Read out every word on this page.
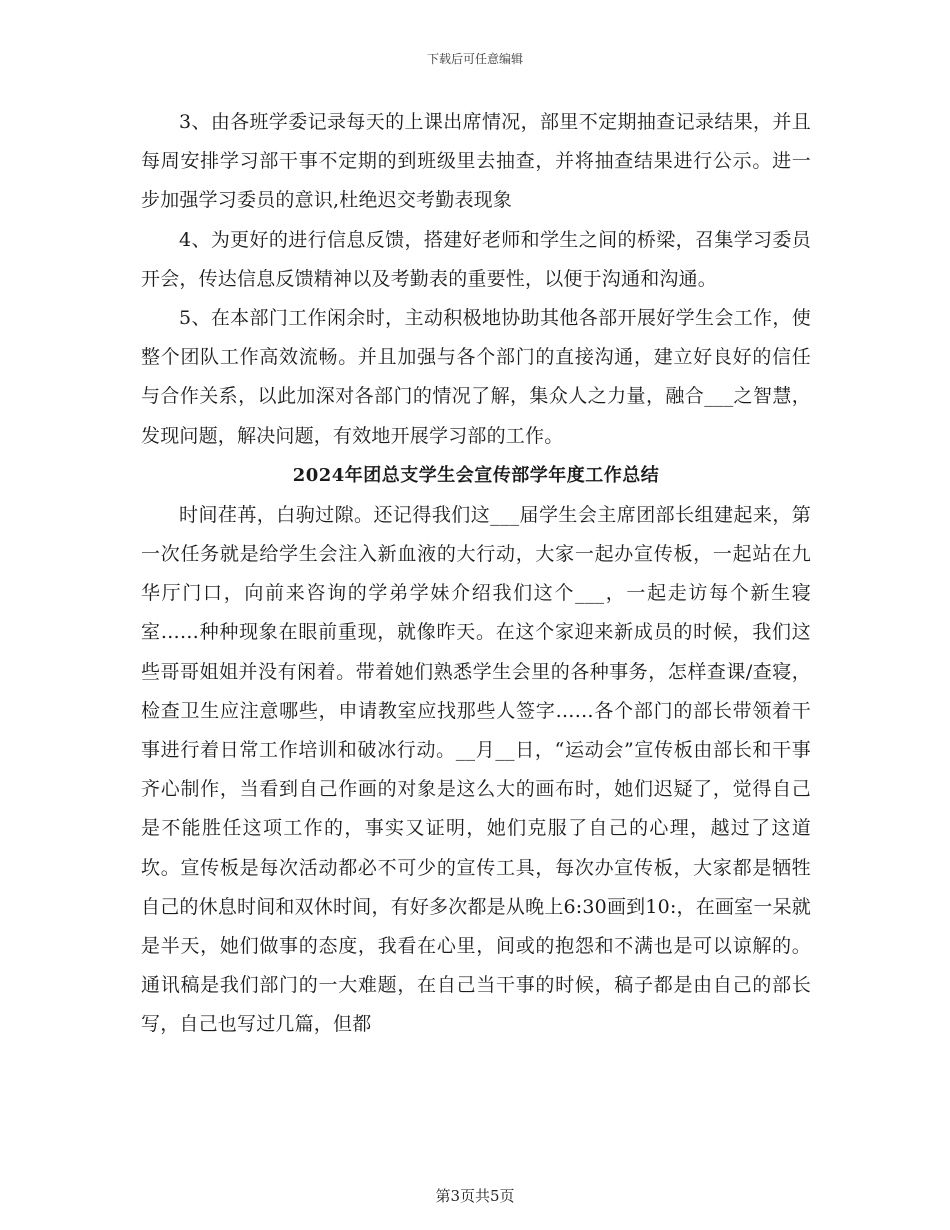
下载后可任意编辑

3、由各班学委记录每天的上课出席情况，部里不定期抽查记录结果，并且每周安排学习部干事不定期的到班级里去抽查，并将抽查结果进行公示。进一步加强学习委员的意识,杜绝迟交考勤表现象

4、为更好的进行信息反馈，搭建好老师和学生之间的桥梁，召集学习委员开会，传达信息反馈精神以及考勤表的重要性，以便于沟通和沟通。

5、在本部门工作闲余时，主动积极地协助其他各部开展好学生会工作，使整个团队工作高效流畅。并且加强与各个部门的直接沟通，建立好良好的信任与合作关系，以此加深对各部门的情况了解，集众人之力量，融合___之智慧，发现问题，解决问题，有效地开展学习部的工作。

2024年团总支学生会宣传部学年度工作总结

时间荏苒，白驹过隙。还记得我们这___届学生会主席团部长组建起来，第一次任务就是给学生会注入新血液的大行动，大家一起办宣传板，一起站在九华厅门口，向前来咨询的学弟学妹介绍我们这个___，一起走访每个新生寝室……种种现象在眼前重现，就像昨天。在这个家迎来新成员的时候，我们这些哥哥姐姐并没有闲着。带着她们熟悉学生会里的各种事务，怎样查课/查寝，检查卫生应注意哪些，申请教室应找那些人签字……各个部门的部长带领着干事进行着日常工作培训和破冰行动。__月__日，“运动会”宣传板由部长和干事齐心制作，当看到自己作画的对象是这么大的画布时，她们迟疑了，觉得自己是不能胜任这项工作的，事实又证明，她们克服了自己的心理，越过了这道坎。宣传板是每次活动都必不可少的宣传工具，每次办宣传板，大家都是牺牲自己的休息时间和双休时间，有好多次都是从晚上6:30画到10:，在画室一呆就是半天，她们做事的态度，我看在心里，间或的抱怨和不满也是可以谅解的。通讯稿是我们部门的一大难题，在自己当干事的时候，稿子都是由自己的部长写，自己也写过几篇，但都

第3页共5页
